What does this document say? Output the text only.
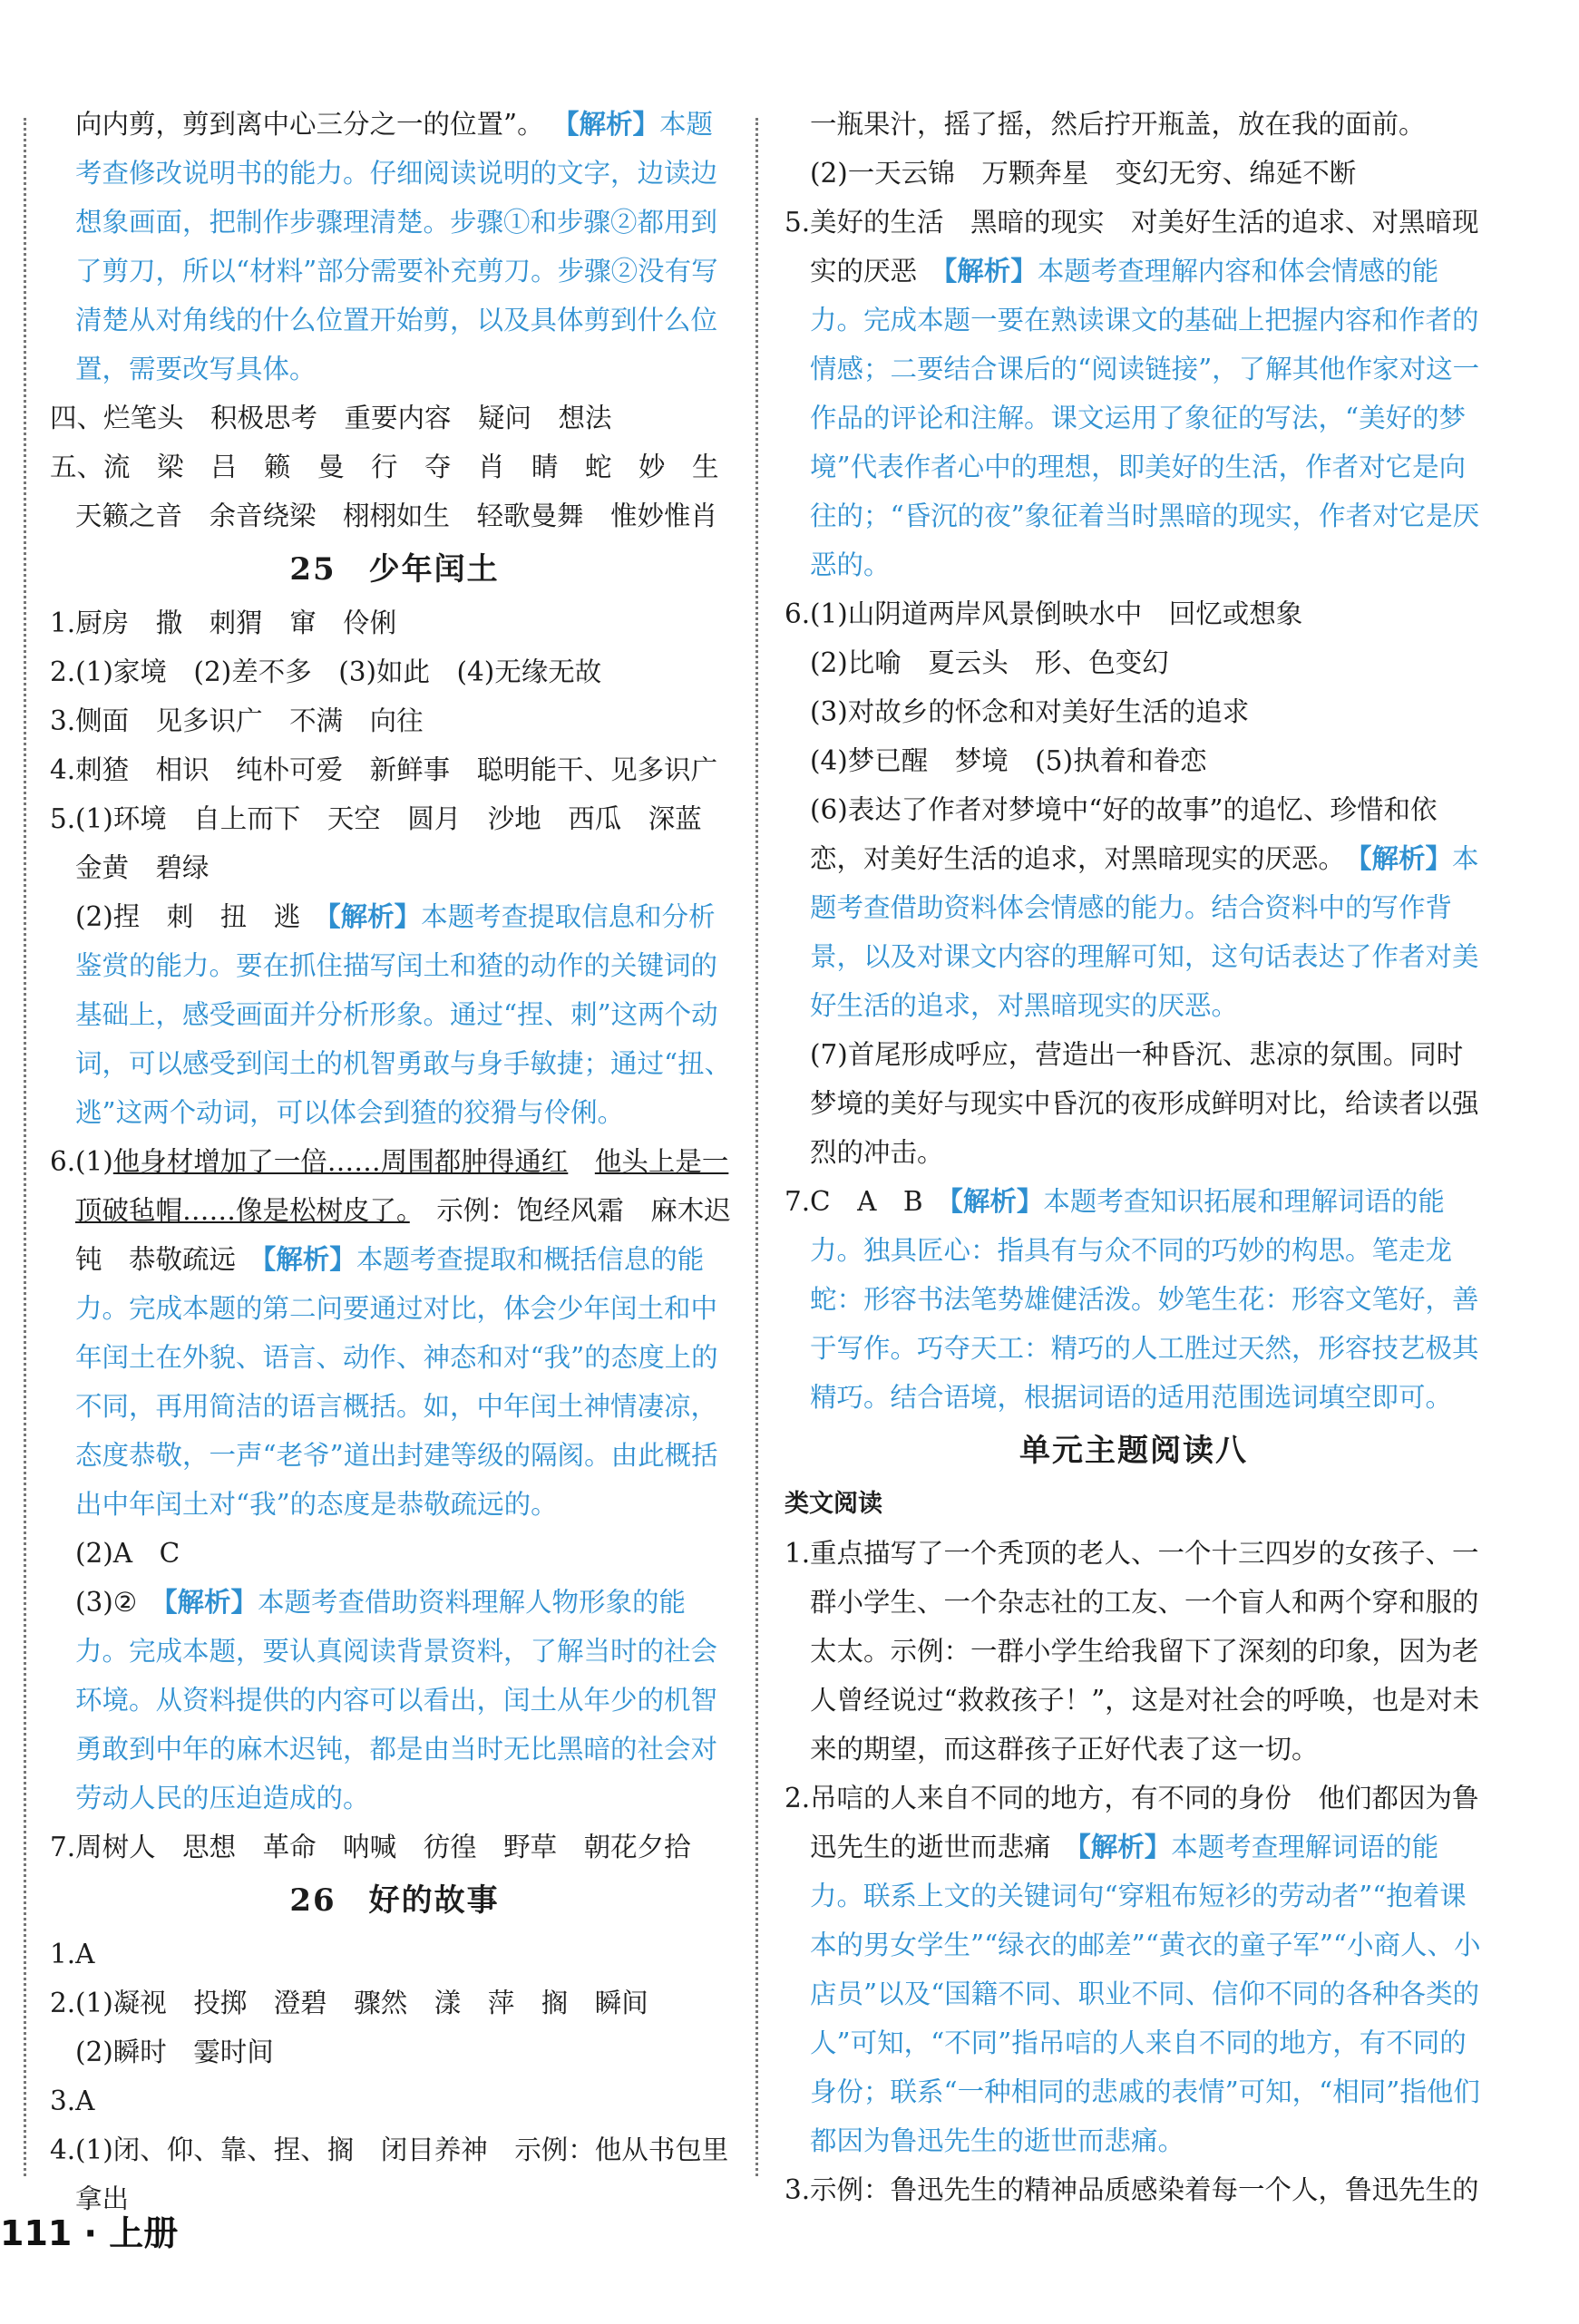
向内剪，剪到离中心三分之一的位置”。 【解析】本题考查修改说明书的能力。仔细阅读说明的文字，边读边想象画面，把制作步骤理清楚。步骤①和步骤②都用到了剪刀，所以“材料”部分需要补充剪刀。步骤②没有写清楚从对角线的什么位置开始剪，以及具体剪到什么位置，需要改写具体。
四、烂笔头　积极思考　重要内容　疑问　想法
五、流　梁　吕　籁　曼　行　夺　肖　睛　蛇　妙　生
天籁之音　余音绕梁　栩栩如生　轻歌曼舞　惟妙惟肖
25　少年闰土
1.厨房　撒　刺猬　窜　伶俐
2.(1)家境　(2)差不多　(3)如此　(4)无缘无故
3.侧面　见多识广　不满　向往
4.刺猹　相识　纯朴可爱　新鲜事　聪明能干、见多识广
5. (1)环境　自上而下　天空　圆月　沙地　西瓜　深蓝　金黄　碧绿
(2)捏　刺　扭　逃　 【解析】本题考查提取信息和分析鉴赏的能力。要在抓住描写闰土和猹的动作的关键词的基础上，感受画面并分析形象。通过“捏、刺”这两个动词，可以感受到闰土的机智勇敢与身手敏捷；通过“扭、逃”这两个动词，可以体会到猹的狡猾与伶俐。
6. (1)他身材增加了一倍……周围都肿得通红　 他头上是一顶破毡帽……像是松树皮了。　示例：饱经风霜　麻木迟钝　恭敬疏远　 【解析】本题考查提取和概括信息的能力。完成本题的第二问要通过对比，体会少年闰土和中年闰土在外貌、语言、动作、神态和对“我”的态度上的不同，再用简洁的语言概括。如，中年闰土神情凄凉，态度恭敬，一声“老爷”道出封建等级的隔阂。由此概括出中年闰土对“我”的态度是恭敬疏远的。
(2)A　C
(3)②　 【解析】本题考查借助资料理解人物形象的能力。完成本题，要认真阅读背景资料，了解当时的社会环境。从资料提供的内容可以看出，闰土从年少的机智勇敢到中年的麻木迟钝，都是由当时无比黑暗的社会对劳动人民的压迫造成的。
7.周树人　思想　革命　呐喊　彷徨　野草　朝花夕拾
26　好的故事
1.A
2. (1)凝视　投掷　澄碧　骤然　漾　萍　搁　瞬间
(2)瞬时　霎时间
3.A
4. (1)闭、仰、靠、捏、搁　闭目养神　示例：他从书包里拿出
一瓶果汁，摇了摇，然后拧开瓶盖，放在我的面前。
(2)一天云锦　万颗奔星　变幻无穷、绵延不断
5. 美好的生活　黑暗的现实　对美好生活的追求、对黑暗现实的厌恶　 【解析】本题考查理解内容和体会情感的能力。完成本题一要在熟读课文的基础上把握内容和作者的情感；二要结合课后的“阅读链接”，了解其他作家对这一作品的评论和注解。课文运用了象征的写法，“美好的梦境”代表作者心中的理想，即美好的生活，作者对它是向往的；“昏沉的夜”象征着当时黑暗的现实，作者对它是厌恶的。
6. (1)山阴道两岸风景倒映水中　回忆或想象
(2)比喻　夏云头　形、色变幻
(3)对故乡的怀念和对美好生活的追求
(4)梦已醒　梦境　(5)执着和眷恋
(6)表达了作者对梦境中“好的故事”的追忆、珍惜和依恋，对美好生活的追求，对黑暗现实的厌恶。　 【解析】本题考查借助资料体会情感的能力。结合资料中的写作背景，以及对课文内容的理解可知，这句话表达了作者对美好生活的追求，对黑暗现实的厌恶。
(7)首尾形成呼应，营造出一种昏沉、悲凉的氛围。同时梦境的美好与现实中昏沉的夜形成鲜明对比，给读者以强烈的冲击。
7. C　A　B　 【解析】本题考查知识拓展和理解词语的能力。独具匠心：指具有与众不同的巧妙的构思。笔走龙蛇：形容书法笔势雄健活泼。妙笔生花：形容文笔好，善于写作。巧夺天工：精巧的人工胜过天然，形容技艺极其精巧。结合语境，根据词语的适用范围选词填空即可。
单元主题阅读八
类文阅读
1. 重点描写了一个秃顶的老人、一个十三四岁的女孩子、一群小学生、一个杂志社的工友、一个盲人和两个穿和服的太太。示例：一群小学生给我留下了深刻的印象，因为老人曾经说过“救救孩子！”，这是对社会的呼唤，也是对未来的期望，而这群孩子正好代表了这一切。
2. 吊唁的人来自不同的地方，有不同的身份　他们都因为鲁迅先生的逝世而悲痛　 【解析】本题考查理解词语的能力。联系上文的关键词句“穿粗布短衫的劳动者”“抱着课本的男女学生”“绿衣的邮差”“黄衣的童子军”“小商人、小店员”以及“国籍不同、职业不同、信仰不同的各种各类的人”可知，“不同”指吊唁的人来自不同的地方，有不同的身份；联系“一种相同的悲戚的表情”可知，“相同”指他们都因为鲁迅先生的逝世而悲痛。
3. 示例：鲁迅先生的精神品质感染着每一个人，鲁迅先生的
111 · 上册
